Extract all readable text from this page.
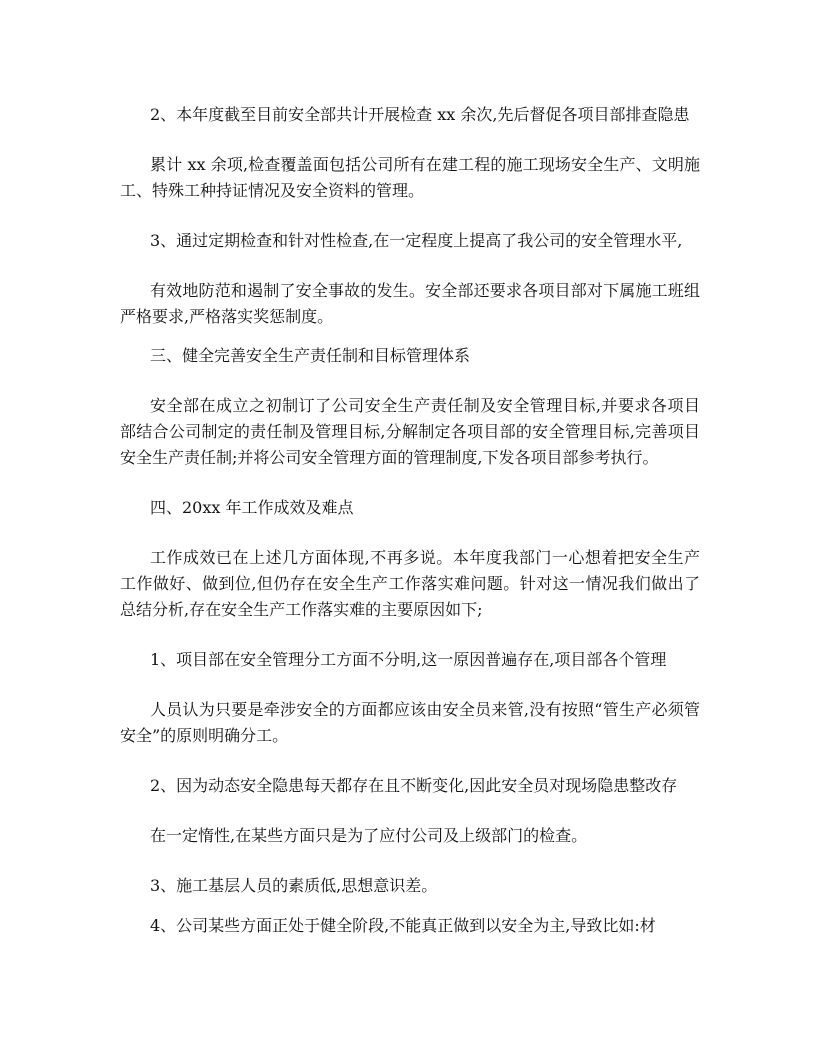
2、本年度截至目前安全部共计开展检查 xx 余次,先后督促各项目部排查隐患
累计 xx 余项,检查覆盖面包括公司所有在建工程的施工现场安全生产、文明施
工、特殊工种持证情况及安全资料的管理。
3、通过定期检查和针对性检查,在一定程度上提高了我公司的安全管理水平,
有效地防范和遏制了安全事故的发生。安全部还要求各项目部对下属施工班组
严格要求,严格落实奖惩制度。
三、健全完善安全生产责任制和目标管理体系
安全部在成立之初制订了公司安全生产责任制及安全管理目标,并要求各项目
部结合公司制定的责任制及管理目标,分解制定各项目部的安全管理目标,完善项目
安全生产责任制;并将公司安全管理方面的管理制度,下发各项目部参考执行。
四、20xx 年工作成效及难点
工作成效已在上述几方面体现,不再多说。本年度我部门一心想着把安全生产
工作做好、做到位,但仍存在安全生产工作落实难问题。针对这一情况我们做出了
总结分析,存在安全生产工作落实难的主要原因如下;
1、项目部在安全管理分工方面不分明,这一原因普遍存在,项目部各个管理
人员认为只要是牵涉安全的方面都应该由安全员来管,没有按照“管生产必须管
安全”的原则明确分工。
2、因为动态安全隐患每天都存在且不断变化,因此安全员对现场隐患整改存
在一定惰性,在某些方面只是为了应付公司及上级部门的检查。
3、施工基层人员的素质低,思想意识差。
4、公司某些方面正处于健全阶段,不能真正做到以安全为主,导致比如:材
